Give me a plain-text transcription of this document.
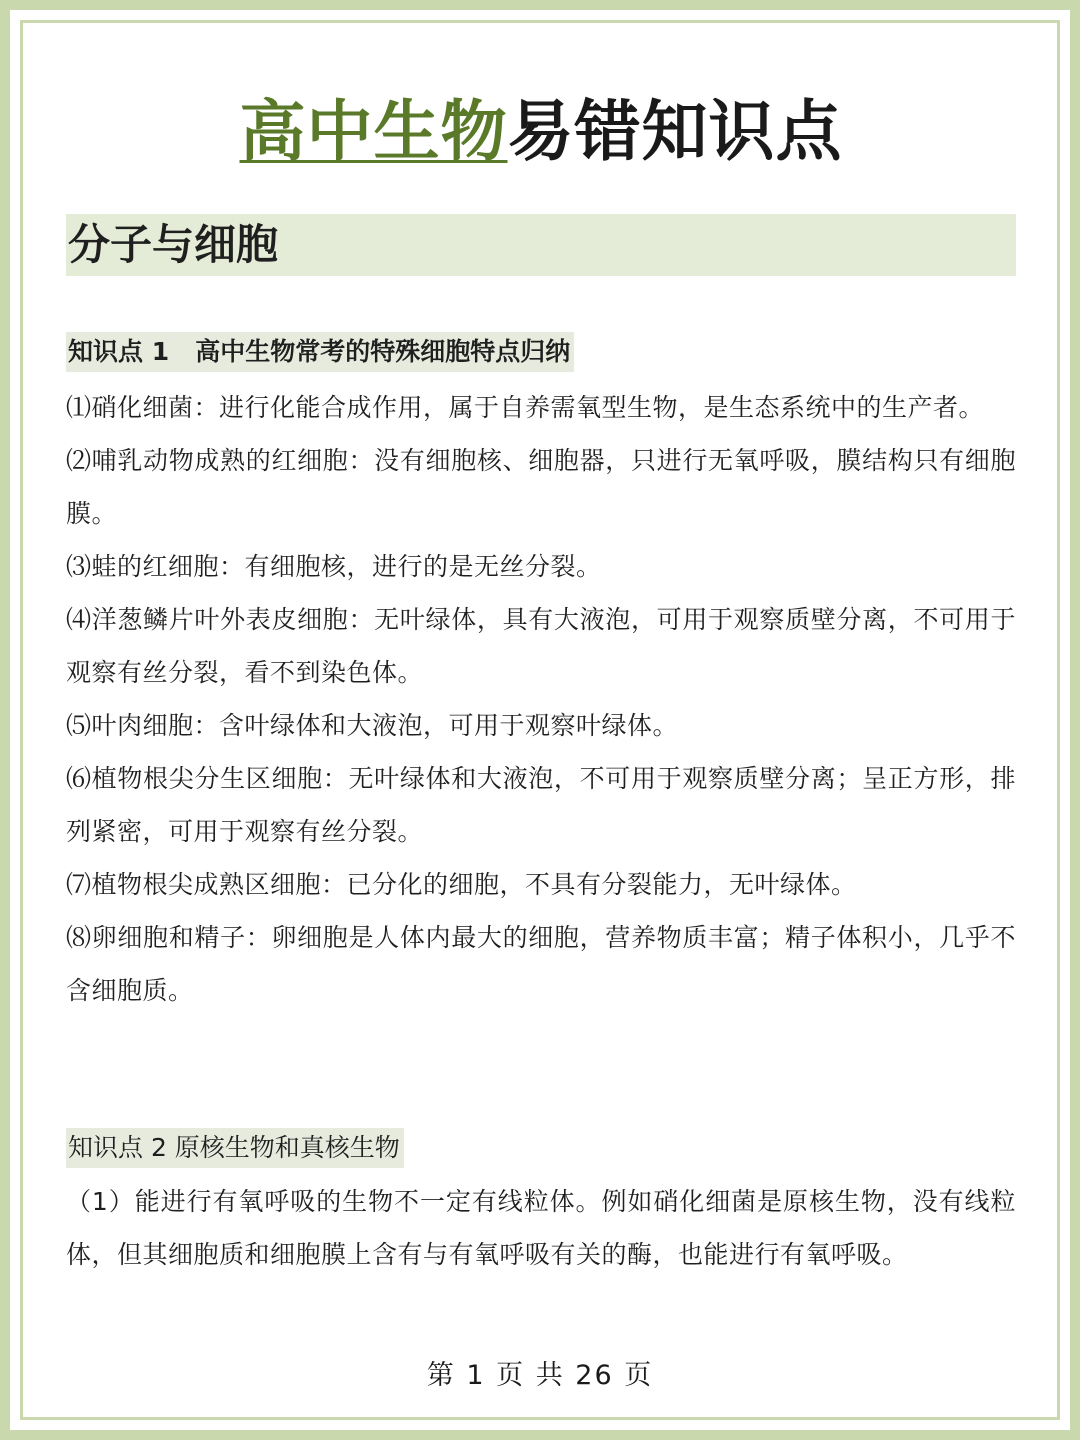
高中生物易错知识点
分子与细胞
知识点 1   高中生物常考的特殊细胞特点归纳

⑴硝化细菌：进行化能合成作用，属于自养需氧型生物，是生态系统中的生产者。

⑵哺乳动物成熟的红细胞：没有细胞核、细胞器，只进行无氧呼吸，膜结构只有细胞膜。

⑶蛙的红细胞：有细胞核，进行的是无丝分裂。

⑷洋葱鳞片叶外表皮细胞：无叶绿体，具有大液泡，可用于观察质壁分离，不可用于观察有丝分裂，看不到染色体。

⑸叶肉细胞：含叶绿体和大液泡，可用于观察叶绿体。

⑹植物根尖分生区细胞：无叶绿体和大液泡，不可用于观察质壁分离；呈正方形，排列紧密，可用于观察有丝分裂。

⑺植物根尖成熟区细胞：已分化的细胞，不具有分裂能力，无叶绿体。

⑻卵细胞和精子：卵细胞是人体内最大的细胞，营养物质丰富；精子体积小，几乎不含细胞质。

知识点 2 原核生物和真核生物

（1）能进行有氧呼吸的生物不一定有线粒体。例如硝化细菌是原核生物，没有线粒体，但其细胞质和细胞膜上含有与有氧呼吸有关的酶，也能进行有氧呼吸。

第 1 页 共 26 页
